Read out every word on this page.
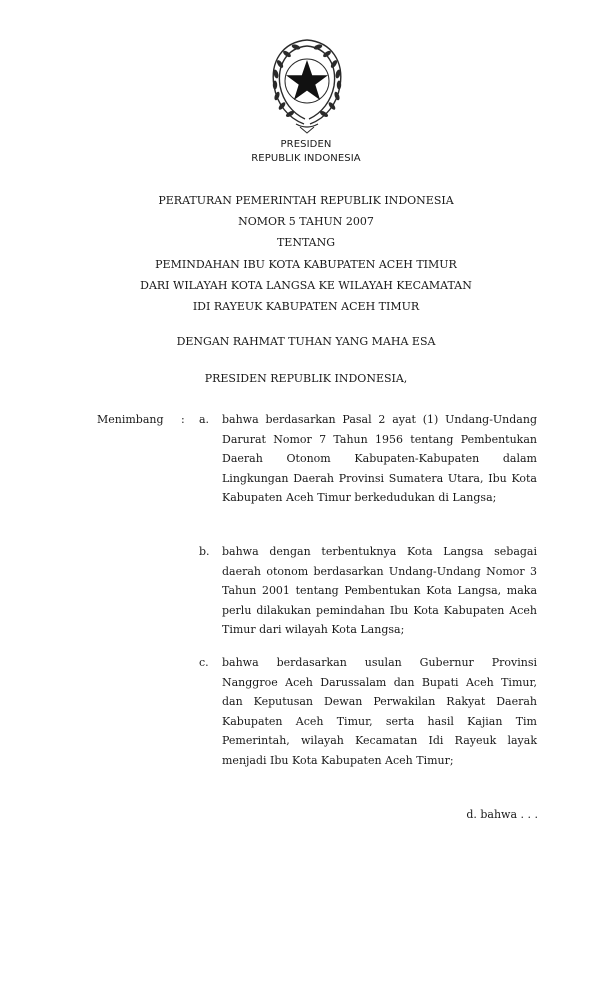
PRESIDEN
REPUBLIK INDONESIA
PERATURAN PEMERINTAH REPUBLIK INDONESIA
NOMOR 5 TAHUN 2007
TENTANG
PEMINDAHAN IBU KOTA KABUPATEN ACEH TIMUR
DARI WILAYAH KOTA LANGSA KE WILAYAH KECAMATAN
IDI RAYEUK KABUPATEN ACEH TIMUR
DENGAN RAHMAT TUHAN YANG MAHA ESA
PRESIDEN REPUBLIK INDONESIA,
Menimbang : a. bahwa berdasarkan Pasal 2 ayat (1) Undang-Undang Darurat Nomor 7 Tahun 1956 tentang Pembentukan Daerah Otonom Kabupaten-Kabupaten dalam Lingkungan Daerah Provinsi Sumatera Utara, Ibu Kota Kabupaten Aceh Timur berkedudukan di Langsa;
b. bahwa dengan terbentuknya Kota Langsa sebagai daerah otonom berdasarkan Undang-Undang Nomor 3 Tahun 2001 tentang Pembentukan Kota Langsa, maka perlu dilakukan pemindahan Ibu Kota Kabupaten Aceh Timur dari wilayah Kota Langsa;
c. bahwa berdasarkan usulan Gubernur Provinsi Nanggroe Aceh Darussalam dan Bupati Aceh Timur, dan Keputusan Dewan Perwakilan Rakyat Daerah Kabupaten Aceh Timur, serta hasil Kajian Tim Pemerintah, wilayah Kecamatan Idi Rayeuk layak menjadi Ibu Kota Kabupaten Aceh Timur;
d. bahwa . . .
